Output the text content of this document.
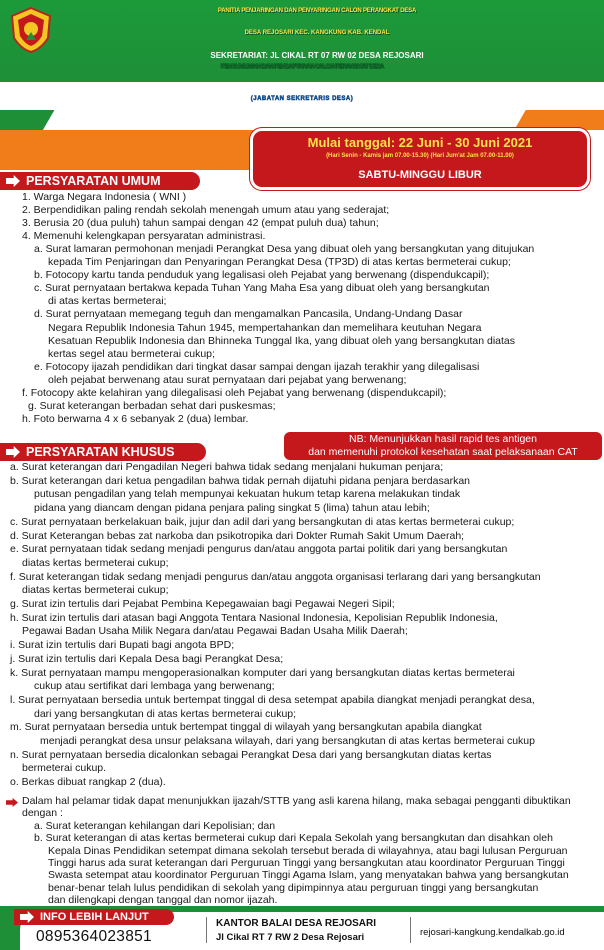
PANITIA PENJARINGAN DAN PENYARINGAN CALON PERANGKAT DESA
DESA REJOSARI KEC. KANGKUNG KAB. KENDAL
SEKRETARIAT: JL CIKAL RT 07 RW 02 DESA REJOSARI
PENGUMUMAN DAN PENDAFTARAN CALON PERANGKAT DESA
(JABATAN SEKRETARIS DESA)
Mulai tanggal: 22 Juni - 30 Juni 2021
(Hari Senin - Kamis jam 07.00-15.30) (Hari Jum'at Jam 07.00-11.00)
SABTU-MINGGU LIBUR
PERSYARATAN UMUM
1. Warga Negara Indonesia ( WNI )
2. Berpendidikan paling rendah sekolah menengah umum atau yang sederajat;
3. Berusia 20 (dua puluh) tahun sampai dengan 42 (empat puluh dua) tahun;
4. Memenuhi kelengkapan persyaratan administrasi.
a. Surat lamaran permohonan menjadi Perangkat Desa yang dibuat oleh yang bersangkutan yang ditujukan
kepada Tim Penjaringan dan Penyaringan Perangkat Desa (TP3D) di atas kertas bermeterai cukup;
b. Fotocopy kartu tanda penduduk yang legalisasi oleh Pejabat yang berwenang (dispendukcapil);
c. Surat pernyataan bertakwa kepada Tuhan Yang Maha Esa yang dibuat oleh yang bersangkutan
di atas kertas bermeterai;
d. Surat pernyataan memegang teguh dan mengamalkan Pancasila, Undang-Undang Dasar
Negara Republik Indonesia Tahun 1945, mempertahankan dan memelihara keutuhan Negara
Kesatuan Republik Indonesia dan Bhinneka Tunggal Ika, yang dibuat oleh yang bersangkutan diatas
kertas segel atau bermeterai cukup;
e. Fotocopy ijazah pendidikan dari tingkat dasar sampai dengan ijazah terakhir yang dilegalisasi
oleh pejabat berwenang atau surat pernyataan dari pejabat yang berwenang;
f. Fotocopy akte kelahiran yang dilegalisasi oleh Pejabat yang berwenang (dispendukcapil);
g. Surat keterangan berbadan sehat dari puskesmas;
h. Foto berwarna 4 x 6 sebanyak 2 (dua) lembar.
NB: Menunjukkan hasil rapid tes antigen
dan memenuhi protokol kesehatan saat pelaksanaan CAT
PERSYARATAN KHUSUS
a. Surat keterangan dari Pengadilan Negeri bahwa tidak sedang menjalani hukuman penjara;
b. Surat keterangan dari ketua pengadilan bahwa tidak pernah dijatuhi pidana penjara berdasarkan
putusan pengadilan yang telah mempunyai kekuatan hukum tetap karena melakukan tindak
pidana yang diancam dengan pidana penjara paling singkat 5 (lima) tahun atau lebih;
c. Surat pernyataan berkelakuan baik, jujur dan adil dari yang bersangkutan di atas kertas bermeterai cukup;
d. Surat Keterangan bebas zat narkoba dan psikotropika dari Dokter Rumah Sakit Umum Daerah;
e. Surat pernyataan tidak sedang menjadi pengurus dan/atau anggota partai politik dari yang bersangkutan
diatas kertas bermeterai cukup;
f. Surat keterangan tidak sedang menjadi pengurus dan/atau anggota organisasi terlarang dari yang bersangkutan
diatas kertas bermeterai cukup;
g. Surat izin tertulis dari Pejabat Pembina Kepegawaian bagi Pegawai Negeri Sipil;
h. Surat izin tertulis dari atasan bagi Anggota Tentara Nasional Indonesia, Kepolisian Republik Indonesia,
Pegawai Badan Usaha Milik Negara dan/atau Pegawai Badan Usaha Milik Daerah;
i. Surat izin tertulis dari Bupati bagi angota BPD;
j. Surat izin tertulis dari Kepala Desa bagi Perangkat Desa;
k. Surat pernyataan mampu mengoperasionalkan komputer dari yang bersangkutan diatas kertas bermeterai
cukup atau sertifikat dari lembaga yang berwenang;
l. Surat pernyataan bersedia untuk bertempat tinggal di desa setempat apabila diangkat menjadi perangkat desa,
dari yang bersangkutan di atas kertas bermeterai cukup;
m. Surat pernyataan bersedia untuk bertempat tinggal di wilayah yang bersangkutan apabila diangkat
menjadi perangkat desa unsur pelaksana wilayah, dari yang bersangkutan di atas kertas bermeterai cukup
n. Surat pernyataan bersedia dicalonkan sebagai Perangkat Desa dari yang bersangkutan diatas kertas
bermeterai cukup.
o. Berkas dibuat rangkap 2 (dua).
Dalam hal pelamar tidak dapat menunjukkan ijazah/STTB yang asli karena hilang, maka sebagai pengganti dibuktikan
dengan :
a. Surat keterangan kehilangan dari Kepolisian; dan
b. Surat keterangan di atas kertas bermeterai cukup dari Kepala Sekolah yang bersangkutan dan disahkan oleh
Kepala Dinas Pendidikan setempat dimana sekolah tersebut berada di wilayahnya, atau bagi lulusan Perguruan
Tinggi harus ada surat keterangan dari Perguruan Tinggi yang bersangkutan atau koordinator Perguruan Tinggi
Swasta setempat atau koordinator Perguruan Tinggi Agama Islam, yang menyatakan bahwa yang bersangkutan
benar-benar telah lulus pendidikan di sekolah yang dipimpinnya atau perguruan tinggi yang bersangkutan
dan dilengkapi dengan tanggal dan nomor ijazah.
INFO LEBIH LANJUT
0895364023851
KANTOR BALAI DESA REJOSARI
Jl Cikal RT 7 RW 2 Desa Rejosari	rejosari-kangkung.kendalkab.go.id
